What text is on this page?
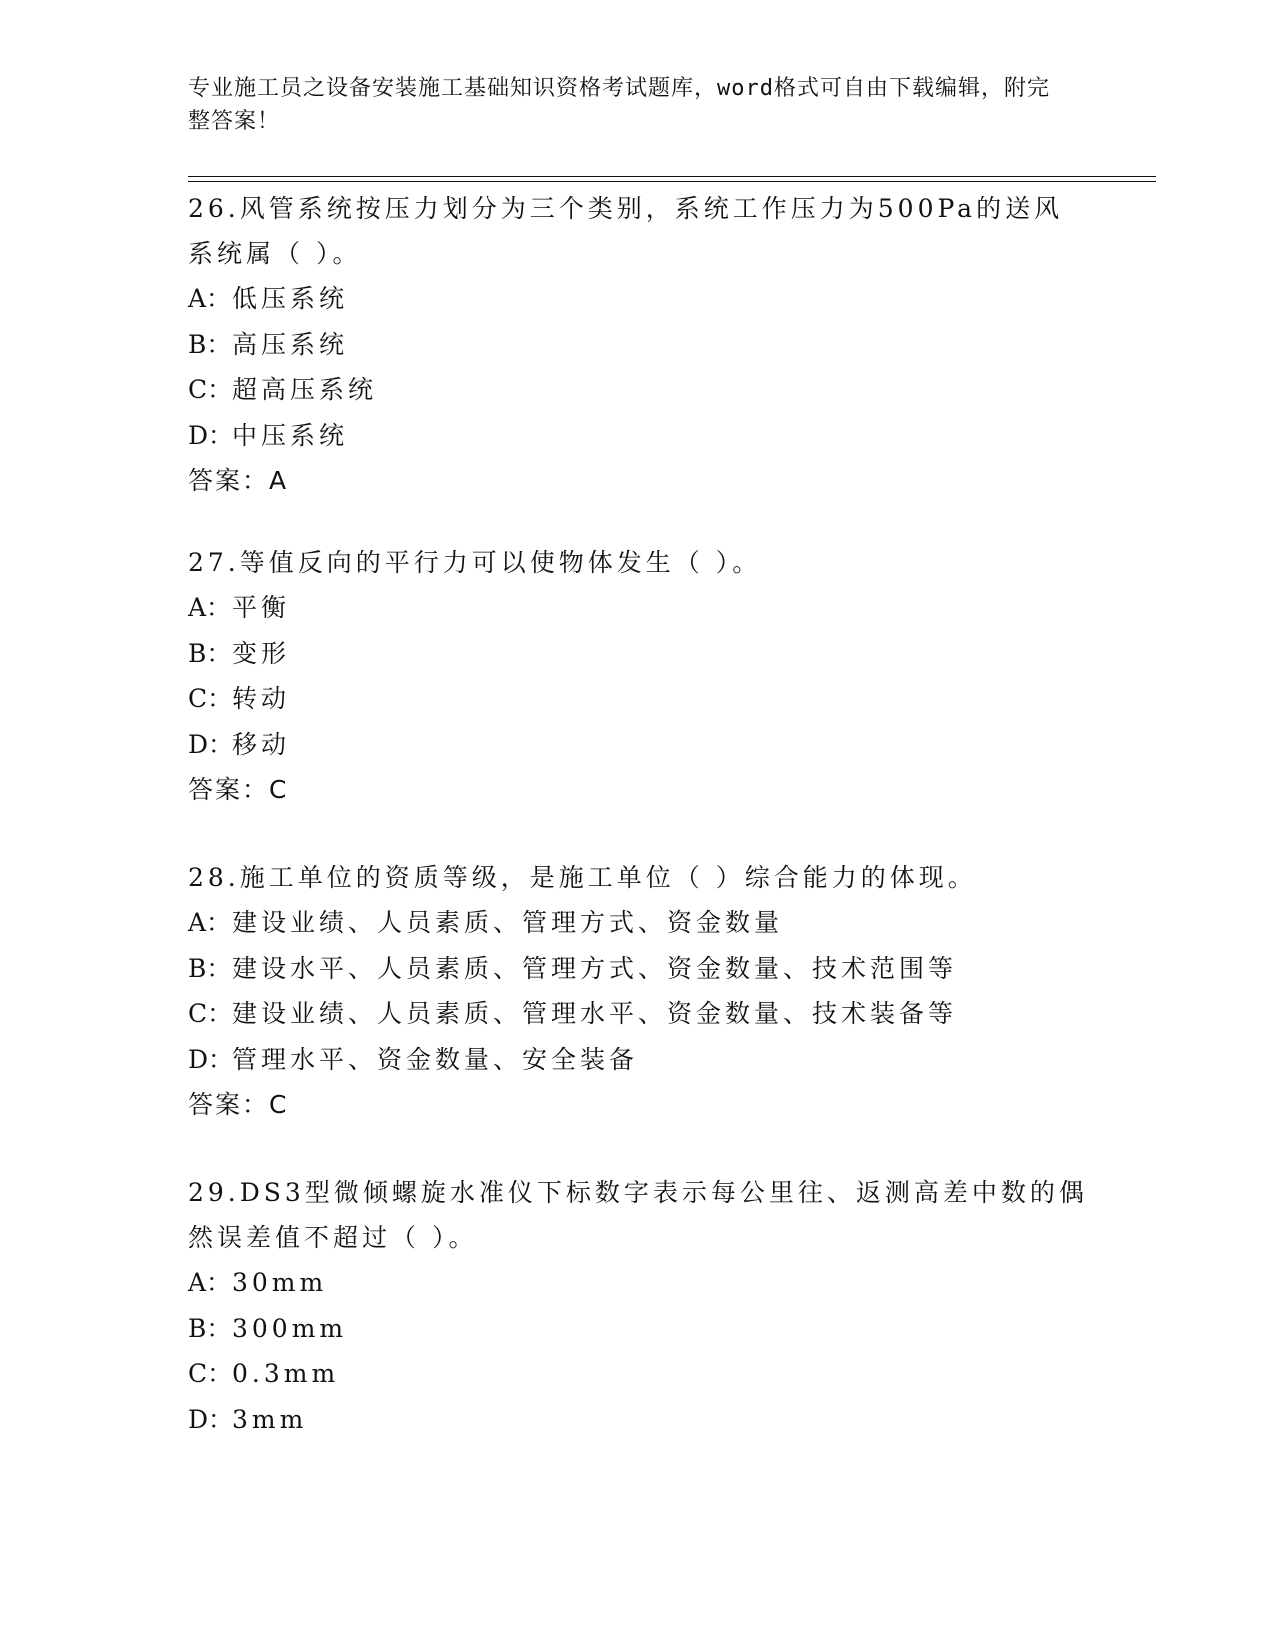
专业施工员之设备安装施工基础知识资格考试题库，word格式可自由下载编辑，附完整答案！

26.风管系统按压力划分为三个类别，系统工作压力为500Pa的送风系统属（ ）。

A： 低压系统

B： 高压系统

C： 超高压系统

D：
中压系统

答案：A

27.等值反向的平行力可以使物体发生（ ）。

A： 平衡

B： 变形

C： 转动

D：
移动

答案：C

28.施工单位的资质等级，是施工单位（ ）综合能力的体现。

A： 建设业绩、人员素质、管理方式、资金数量

B： 建设水平、人员素质、管理方式、资金数量、技术范围等

C： 建设业绩、人员素质、管理水平、资金数量、技术装备等

D：
管理水平、资金数量、安全装备

答案：C

29.DS3型微倾螺旋水准仪下标数字表示每公里往、返测高差中数的偶然误差值不超过（ ）。

A： 30mm

B： 300mm

C： 0.3mm

D：
3mm
